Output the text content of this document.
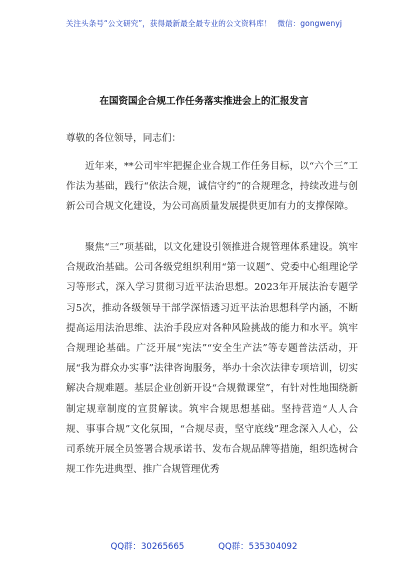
关注头条号“公文研究”，获得最新最全最专业的公文资料库！ 微信：gongwenyj
在国资国企合规工作任务落实推进会上的汇报发言

尊敬的各位领导，同志们：

近年来，**公司牢牢把握企业合规工作任务目标，以“六个三”工作法为基础，践行“依法合规，诚信守约”的合规理念，持续改进与创新公司合规文化建设，为公司高质量发展提供更加有力的支撑保障。

聚焦“三”项基础，以文化建设引领推进合规管理体系建设。筑牢合规政治基础。公司各级党组织利用“第一议题”、党委中心组理论学习等形式，深入学习贯彻习近平法治思想。2023年开展法治专题学习5次，推动各级领导干部学深悟透习近平法治思想科学内涵，不断提高运用法治思维、法治手段应对各种风险挑战的能力和水平。筑牢合规理论基础。广泛开展“宪法”“安全生产法”等专题普法活动，开展“我为群众办实事”法律咨询服务，举办十余次法律专项培训，切实解决合规难题。基层企业创新开设“合规微课堂”，有针对性地围绕新制定规章制度的宣贯解读。筑牢合规思想基础。坚持营造“人人合规、事事合规”文化氛围，“合规尽责，坚守底线”理念深入人心，公司系统开展全员签署合规承诺书、发布合规品牌等措施，组织选树合规工作先进典型、推广合规管理优秀

QQ群：30265665	QQ群：535304092
